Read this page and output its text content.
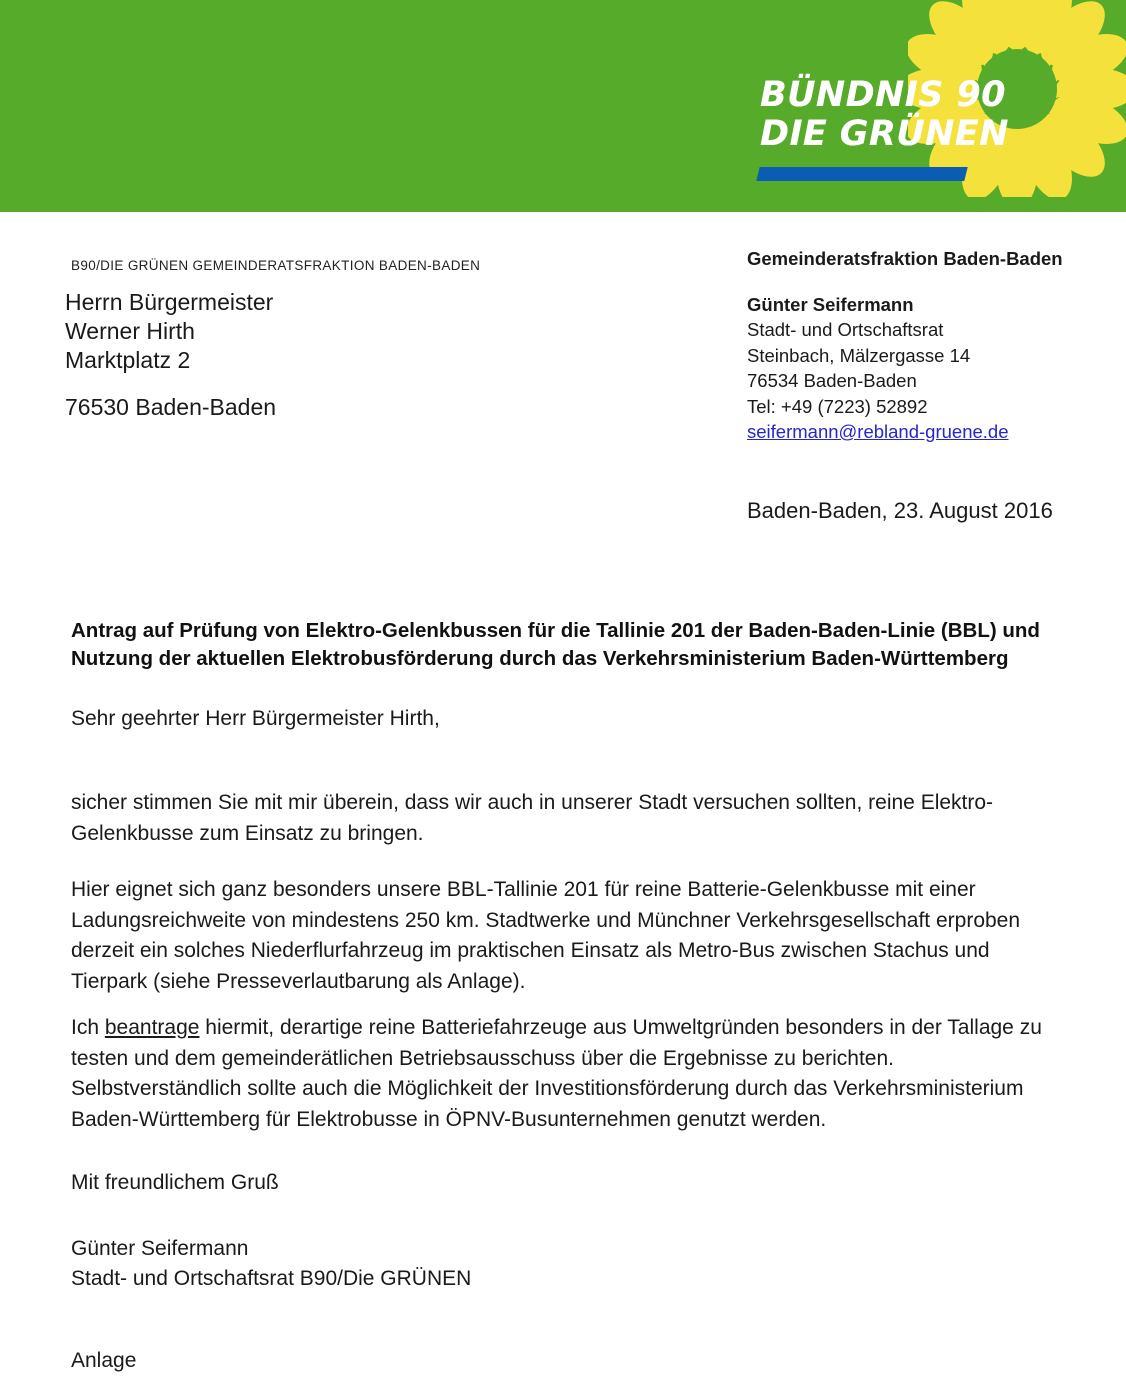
BÜNDNIS 90
DIE GRÜNEN
B90/DIE GRÜNEN GEMEINDERATSFRAKTION BADEN-BADEN
Herrn Bürgermeister
Werner Hirth
Marktplatz 2
76530 Baden-Baden
Gemeinderatsfraktion Baden-Baden
Günter Seifermann
Stadt- und Ortschaftsrat
Steinbach, Mälzergasse 14
76534 Baden-Baden
Tel: +49 (7223) 52892
seifermann@rebland-gruene.de
Baden-Baden, 23. August 2016
Antrag auf Prüfung von Elektro-Gelenkbussen für die Tallinie 201 der Baden-Baden-Linie (BBL) und
Nutzung der aktuellen Elektrobusförderung durch das Verkehrsministerium Baden-Württemberg
Sehr geehrter Herr Bürgermeister Hirth,

sicher stimmen Sie mit mir überein, dass wir auch in unserer Stadt versuchen sollten, reine Elektro-Gelenkbusse zum Einsatz zu bringen.

Hier eignet sich ganz besonders unsere BBL-Tallinie 201 für reine Batterie-Gelenkbusse mit einer Ladungsreichweite von mindestens 250 km. Stadtwerke und Münchner Verkehrsgesellschaft erproben derzeit ein solches Niederflurfahrzeug im praktischen Einsatz als Metro-Bus zwischen Stachus und Tierpark (siehe Presseverlautbarung als Anlage).

Ich beantrage hiermit, derartige reine Batteriefahrzeuge aus Umweltgründen besonders in der Tallage zu testen und dem gemeinderätlichen Betriebsausschuss über die Ergebnisse zu berichten. Selbstverständlich sollte auch die Möglichkeit der Investitionsförderung durch das Verkehrsministerium Baden-Württemberg für Elektrobusse in ÖPNV-Busunternehmen genutzt werden.

Mit freundlichem Gruß
Günter Seifermann
Stadt- und Ortschaftsrat B90/Die GRÜNEN
Anlage
